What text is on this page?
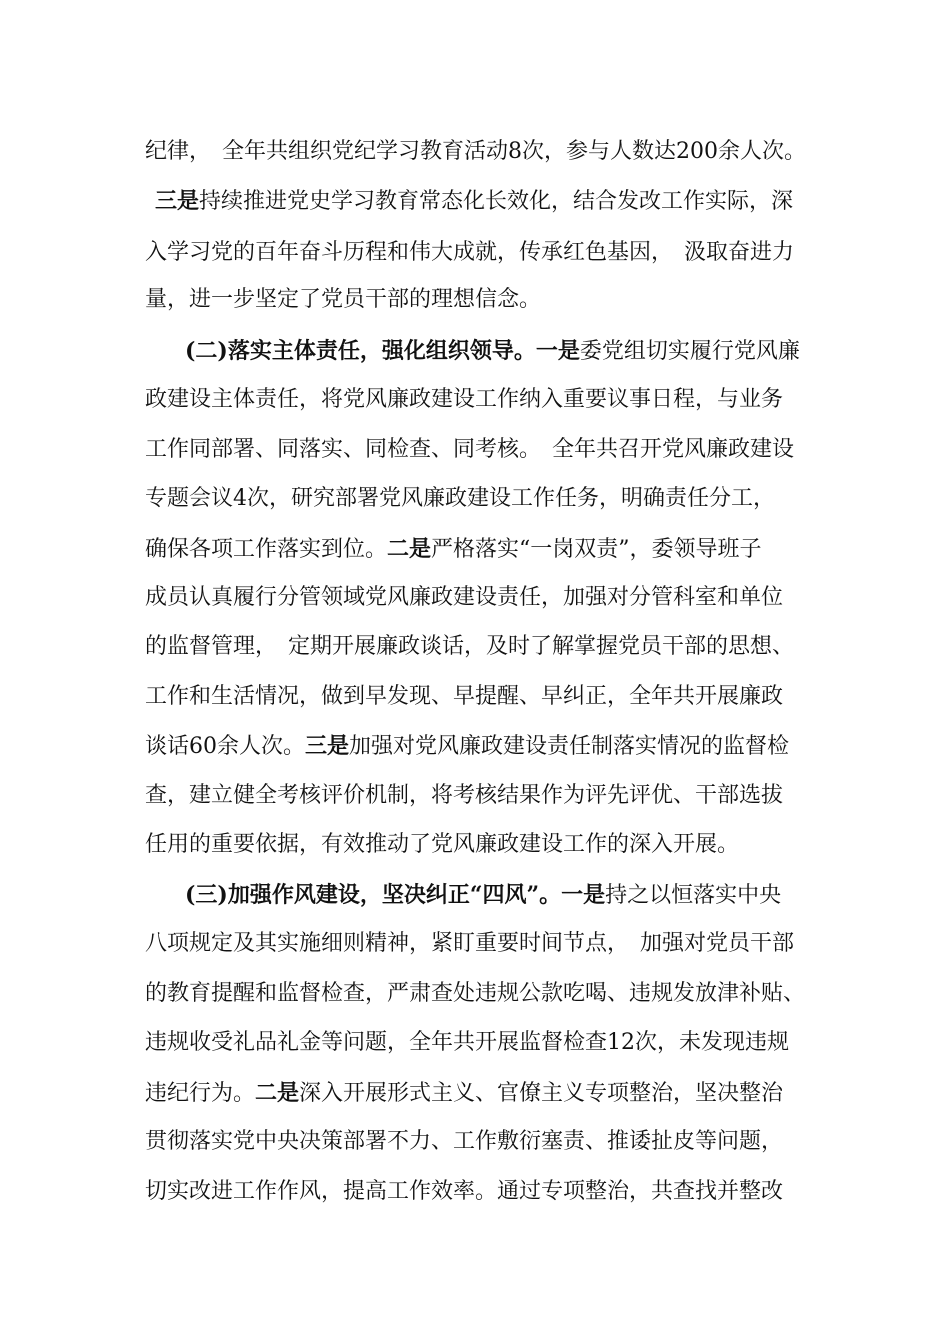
纪律，　全年共组织党纪学习教育活动8次，参与人数达200余人次。
三是持续推进党史学习教育常态化长效化，结合发改工作实际，深
入学习党的百年奋斗历程和伟大成就，传承红色基因，　汲取奋进力
量，进一步坚定了党员干部的理想信念。
(二)落实主体责任，强化组织领导。一是委党组切实履行党风廉
政建设主体责任，将党风廉政建设工作纳入重要议事日程，与业务
工作同部署、同落实、同检查、同考核。　全年共召开党风廉政建设
专题会议4次，研究部署党风廉政建设工作任务，明确责任分工，
确保各项工作落实到位。二是严格落实“一岗双责”，委领导班子
成员认真履行分管领域党风廉政建设责任，加强对分管科室和单位
的监督管理，　定期开展廉政谈话，及时了解掌握党员干部的思想、
工作和生活情况，做到早发现、早提醒、早纠正，全年共开展廉政
谈话60余人次。三是加强对党风廉政建设责任制落实情况的监督检
查，建立健全考核评价机制，将考核结果作为评先评优、干部选拔
任用的重要依据，有效推动了党风廉政建设工作的深入开展。
(三)加强作风建设，坚决纠正“四风”。一是持之以恒落实中央
八项规定及其实施细则精神，紧盯重要时间节点，　加强对党员干部
的教育提醒和监督检查，严肃查处违规公款吃喝、违规发放津补贴、
违规收受礼品礼金等问题，全年共开展监督检查12次，未发现违规
违纪行为。二是深入开展形式主义、官僚主义专项整治，坚决整治
贯彻落实党中央决策部署不力、工作敷衍塞责、推诿扯皮等问题，
切实改进工作作风，提高工作效率。通过专项整治，共查找并整改
